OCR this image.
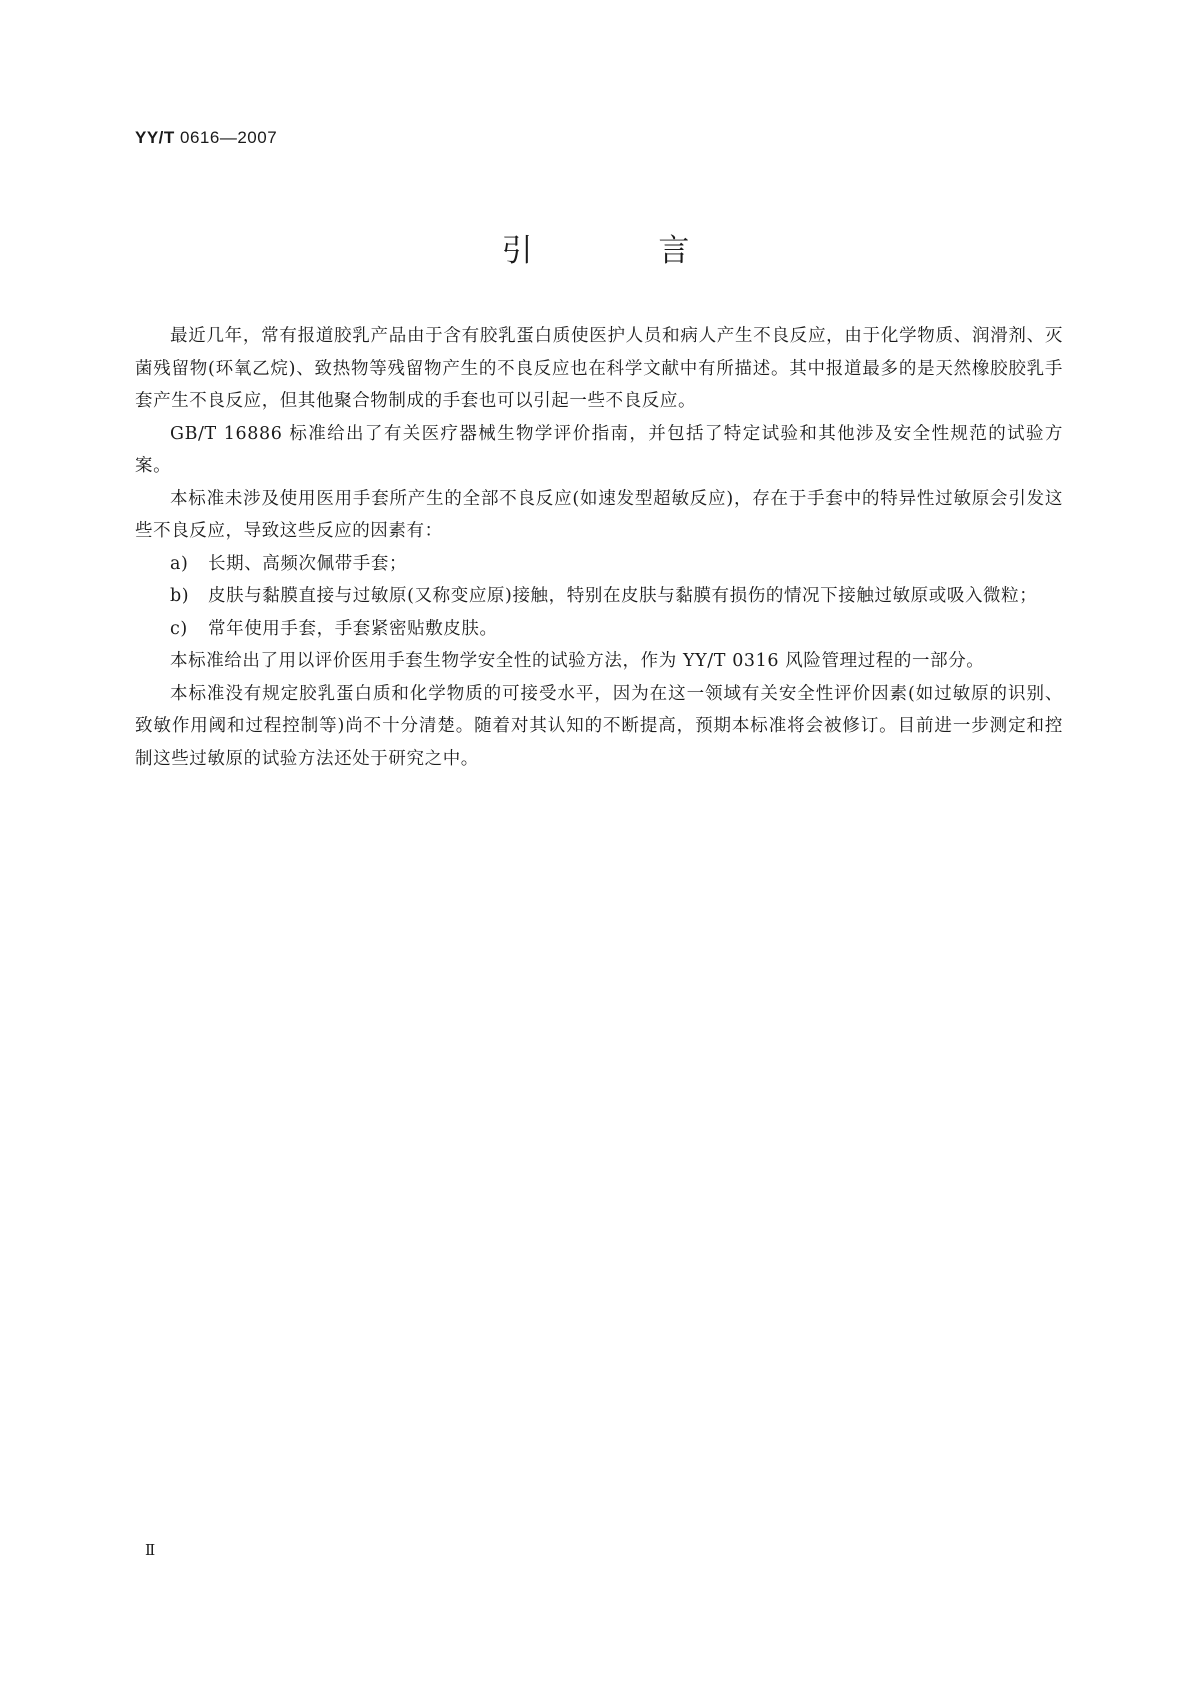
YY/T 0616—2007
引 言

最近几年，常有报道胶乳产品由于含有胶乳蛋白质使医护人员和病人产生不良反应，由于化学物质、润滑剂、灭菌残留物(环氧乙烷)、致热物等残留物产生的不良反应也在科学文献中有所描述。其中报道最多的是天然橡胶胶乳手套产生不良反应，但其他聚合物制成的手套也可以引起一些不良反应。

GB/T 16886 标准给出了有关医疗器械生物学评价指南，并包括了特定试验和其他涉及安全性规范的试验方案。

本标准未涉及使用医用手套所产生的全部不良反应(如速发型超敏反应)，存在于手套中的特异性过敏原会引发这些不良反应，导致这些反应的因素有：

a)	长期、高频次佩带手套；
b)	皮肤与黏膜直接与过敏原(又称变应原)接触，特别在皮肤与黏膜有损伤的情况下接触过敏原或吸入微粒；
c)	常年使用手套，手套紧密贴敷皮肤。

本标准给出了用以评价医用手套生物学安全性的试验方法，作为 YY/T 0316 风险管理过程的一部分。

本标准没有规定胶乳蛋白质和化学物质的可接受水平，因为在这一领域有关安全性评价因素(如过敏原的识别、致敏作用阈和过程控制等)尚不十分清楚。随着对其认知的不断提高，预期本标准将会被修订。目前进一步测定和控制这些过敏原的试验方法还处于研究之中。

Ⅱ
